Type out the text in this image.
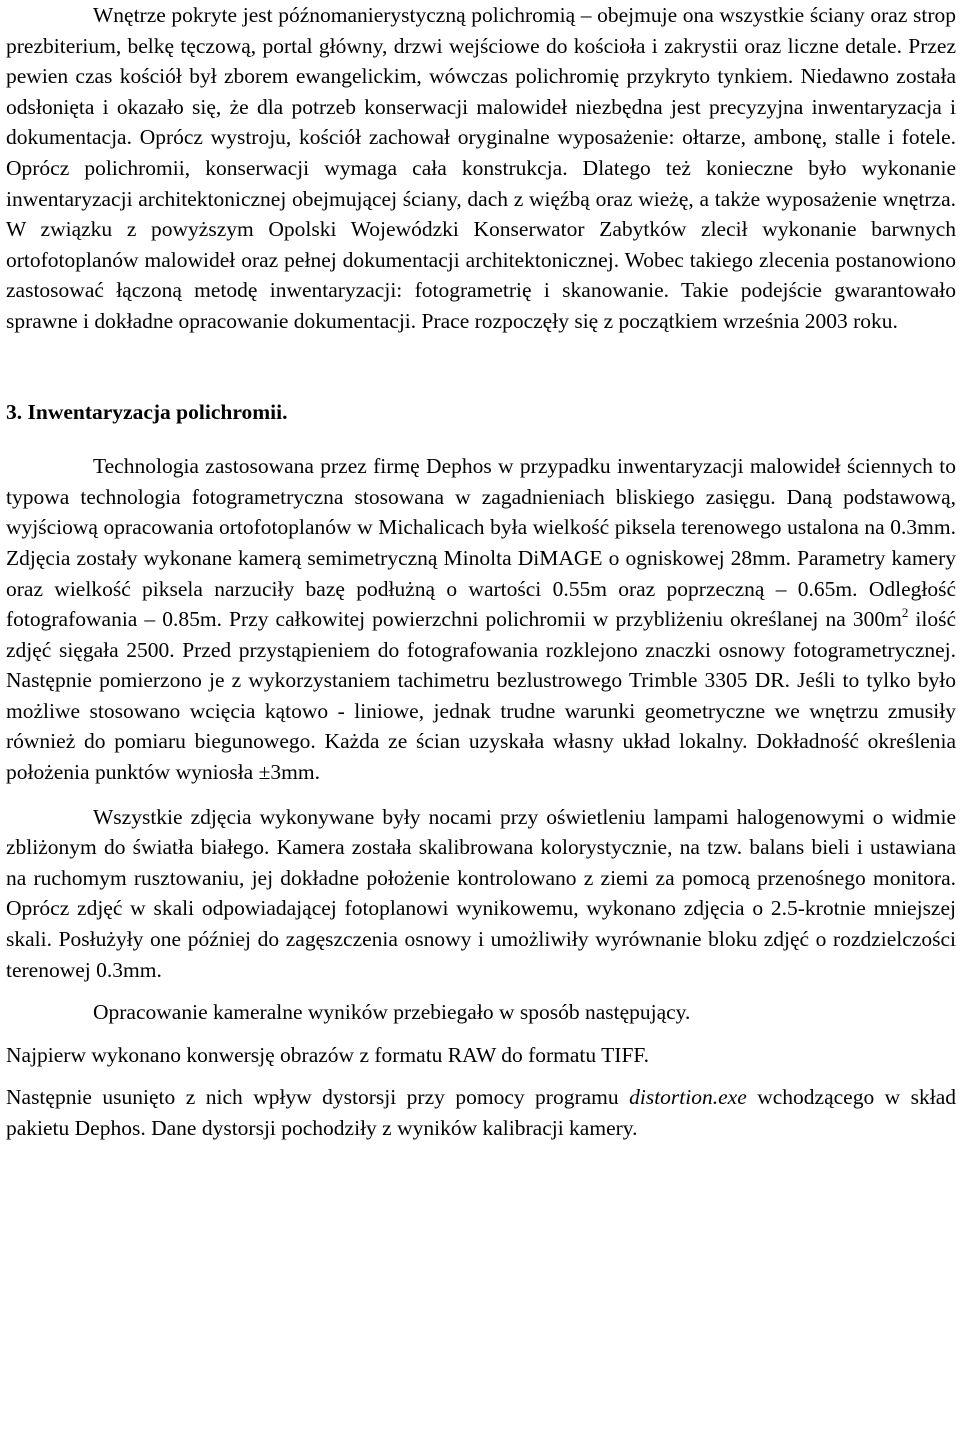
Wnętrze pokryte jest późnomanierystyczną polichromią – obejmuje ona wszystkie ściany oraz strop prezbiterium, belkę tęczową, portal główny, drzwi wejściowe do kościoła i zakrystii oraz liczne detale. Przez pewien czas kościół był zborem ewangelickim, wówczas polichromię przykryto tynkiem. Niedawno została odsłonięta i okazało się, że dla potrzeb konserwacji malowideł niezbędna jest precyzyjna inwentaryzacja i dokumentacja. Oprócz wystroju, kościół zachował oryginalne wyposażenie: ołtarze, ambonę, stalle i fotele. Oprócz polichromii, konserwacji wymaga cała konstrukcja. Dlatego też konieczne było wykonanie inwentaryzacji architektonicznej obejmującej ściany, dach z więźbą oraz wieżę, a także wyposażenie wnętrza. W związku z powyższym Opolski Wojewódzki Konserwator Zabytków zlecił wykonanie barwnych ortofotoplanów malowideł oraz pełnej dokumentacji architektonicznej. Wobec takiego zlecenia postanowiono zastosować łączoną metodę inwentaryzacji: fotogrametrię i skanowanie. Takie podejście gwarantowało sprawne i dokładne opracowanie dokumentacji. Prace rozpoczęły się z początkiem września 2003 roku.

3. Inwentaryzacja polichromii.

Technologia zastosowana przez firmę Dephos w przypadku inwentaryzacji malowideł ściennych to typowa technologia fotogrametryczna stosowana w zagadnieniach bliskiego zasięgu. Daną podstawową, wyjściową opracowania ortofotoplanów w Michalicach była wielkość piksela terenowego ustalona na 0.3mm. Zdjęcia zostały wykonane kamerą semimetryczną Minolta DiMAGE o ogniskowej 28mm. Parametry kamery oraz wielkość piksela narzuciły bazę podłużną o wartości 0.55m oraz poprzeczną – 0.65m. Odległość fotografowania – 0.85m. Przy całkowitej powierzchni polichromii w przybliżeniu określanej na $300m^2$ ilość zdjęć sięgała 2500. Przed przystąpieniem do fotografowania rozklejono znaczki osnowy fotogrametrycznej. Następnie pomierzono je z wykorzystaniem tachimetru bezlustrowego Trimble 3305 DR. Jeśli to tylko było możliwe stosowano wcięcia kątowo - liniowe, jednak trudne warunki geometryczne we wnętrzu zmusiły również do pomiaru biegunowego. Każda ze ścian uzyskała własny układ lokalny. Dokładność określenia położenia punktów wyniosła ±3mm.

Wszystkie zdjęcia wykonywane były nocami przy oświetleniu lampami halogenowymi o widmie zbliżonym do światła białego. Kamera została skalibrowana kolorystycznie, na tzw. balans bieli i ustawiana na ruchomym rusztowaniu, jej dokładne położenie kontrolowano z ziemi za pomocą przenośnego monitora. Oprócz zdjęć w skali odpowiadającej fotoplanowi wynikowemu, wykonano zdjęcia o 2.5-krotnie mniejszej skali. Posłużyły one później do zagęszczenia osnowy i umożliwiły wyrównanie bloku zdjęć o rozdzielczości terenowej 0.3mm.

Opracowanie kameralne wyników przebiegało w sposób następujący.

Najpierw wykonano konwersję obrazów z formatu RAW do formatu TIFF.

Następnie usunięto z nich wpływ dystorsji przy pomocy programu distortion.exe wchodzącego w skład pakietu Dephos. Dane dystorsji pochodziły z wyników kalibracji kamery.
